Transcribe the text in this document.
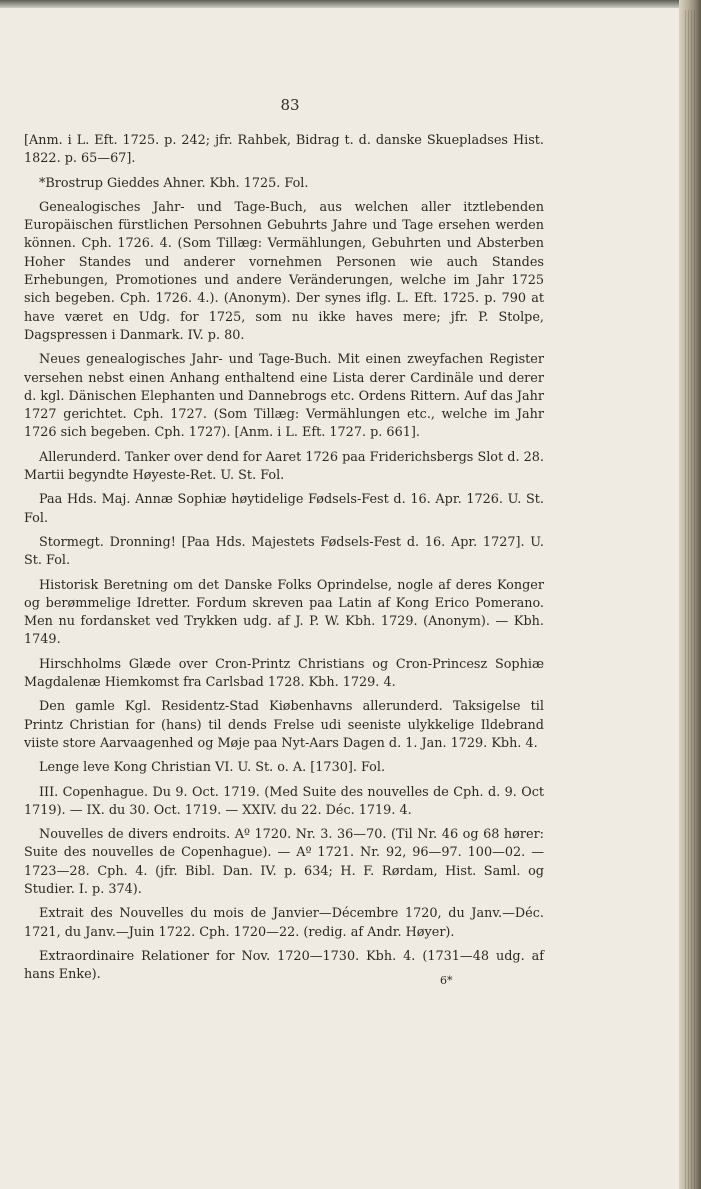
83

[Anm. i L. Eft. 1725. p. 242; jfr. Rahbek, Bidrag t. d. danske Skuepladses Hist. 1822. p. 65—67].

*Brostrup Gieddes Ahner. Kbh. 1725. Fol.

Genealogisches Jahr- und Tage-Buch, aus welchen aller itztlebenden Europäischen fürstlichen Persohnen Gebuhrts Jahre und Tage ersehen werden können. Cph. 1726. 4. (Som Tillæg: Vermählungen, Gebuhrten und Absterben Hoher Standes und anderer vornehmen Personen wie auch Standes Erhebungen, Promotiones und andere Veränderungen, welche im Jahr 1725 sich begeben. Cph. 1726. 4.). (Anonym). Der synes iflg. L. Eft. 1725. p. 790 at have været en Udg. for 1725, som nu ikke haves mere; jfr. P. Stolpe, Dagspressen i Danmark. IV. p. 80.

Neues genealogisches Jahr- und Tage-Buch. Mit einen zweyfachen Register versehen nebst einen Anhang enthaltend eine Lista derer Cardinäle und derer d. kgl. Dänischen Elephanten und Dannebrogs etc. Ordens Rittern. Auf das Jahr 1727 gerichtet. Cph. 1727. (Som Tillæg: Vermählungen etc., welche im Jahr 1726 sich begeben. Cph. 1727). [Anm. i L. Eft. 1727. p. 661].

Allerunderd. Tanker over dend for Aaret 1726 paa Friderichsbergs Slot d. 28. Martii begyndte Høyeste-Ret. U. St. Fol.

Paa Hds. Maj. Annæ Sophiæ høytidelige Fødsels-Fest d. 16. Apr. 1726. U. St. Fol.

Stormegt. Dronning! [Paa Hds. Majestets Fødsels-Fest d. 16. Apr. 1727]. U. St. Fol.

Historisk Beretning om det Danske Folks Oprindelse, nogle af deres Konger og berømmelige Idretter. Fordum skreven paa Latin af Kong Erico Pomerano. Men nu fordansket ved Trykken udg. af J. P. W. Kbh. 1729. (Anonym). — Kbh. 1749.

Hirschholms Glæde over Cron-Printz Christians og Cron-Princesz Sophiæ Magdalenæ Hiemkomst fra Carlsbad 1728. Kbh. 1729. 4.

Den gamle Kgl. Residentz-Stad Kiøbenhavns allerunderd. Taksigelse til Printz Christian for (hans) til dends Frelse udi seeniste ulykkelige Ildebrand viiste store Aarvaagenhed og Møje paa Nyt-Aars Dagen d. 1. Jan. 1729. Kbh. 4.

Lenge leve Kong Christian VI. U. St. o. A. [1730]. Fol.

III. Copenhague. Du 9. Oct. 1719. (Med Suite des nouvelles de Cph. d. 9. Oct 1719). — IX. du 30. Oct. 1719. — XXIV. du 22. Déc. 1719. 4.

Nouvelles de divers endroits. Aº 1720. Nr. 3. 36—70. (Til Nr. 46 og 68 hører: Suite des nouvelles de Copenhague). — Aº 1721. Nr. 92, 96—97. 100—02. — 1723—28. Cph. 4. (jfr. Bibl. Dan. IV. p. 634; H. F. Rørdam, Hist. Saml. og Studier. I. p. 374).

Extrait des Nouvelles du mois de Janvier—Décembre 1720, du Janv.—Déc. 1721, du Janv.—Juin 1722. Cph. 1720—22. (redig. af Andr. Høyer).

Extraordinaire Relationer for Nov. 1720—1730. Kbh. 4. (1731—48 udg. af hans Enke).	6*
